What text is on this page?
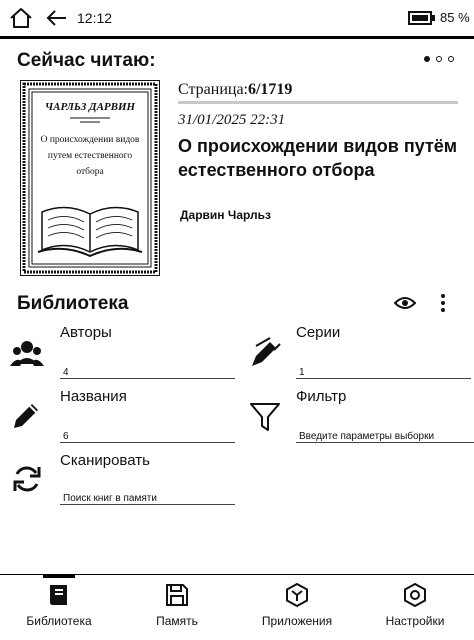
12:12	85 %
Сейчас читаю:
ЧАРЛЬЗ ДАРВИН
О происхождении видов
путем естественного
отбора
Страница:6/1719
31/01/2025 22:31
О происхождении видов путём естественного отбора
Дарвин Чарльз
Библиотека
Авторы
4
Серии
1
Названия
6
Фильтр
Введите параметры выборки
Сканировать
Поиск книг в памяти
Библиотека	Память	Приложения	Настройки
